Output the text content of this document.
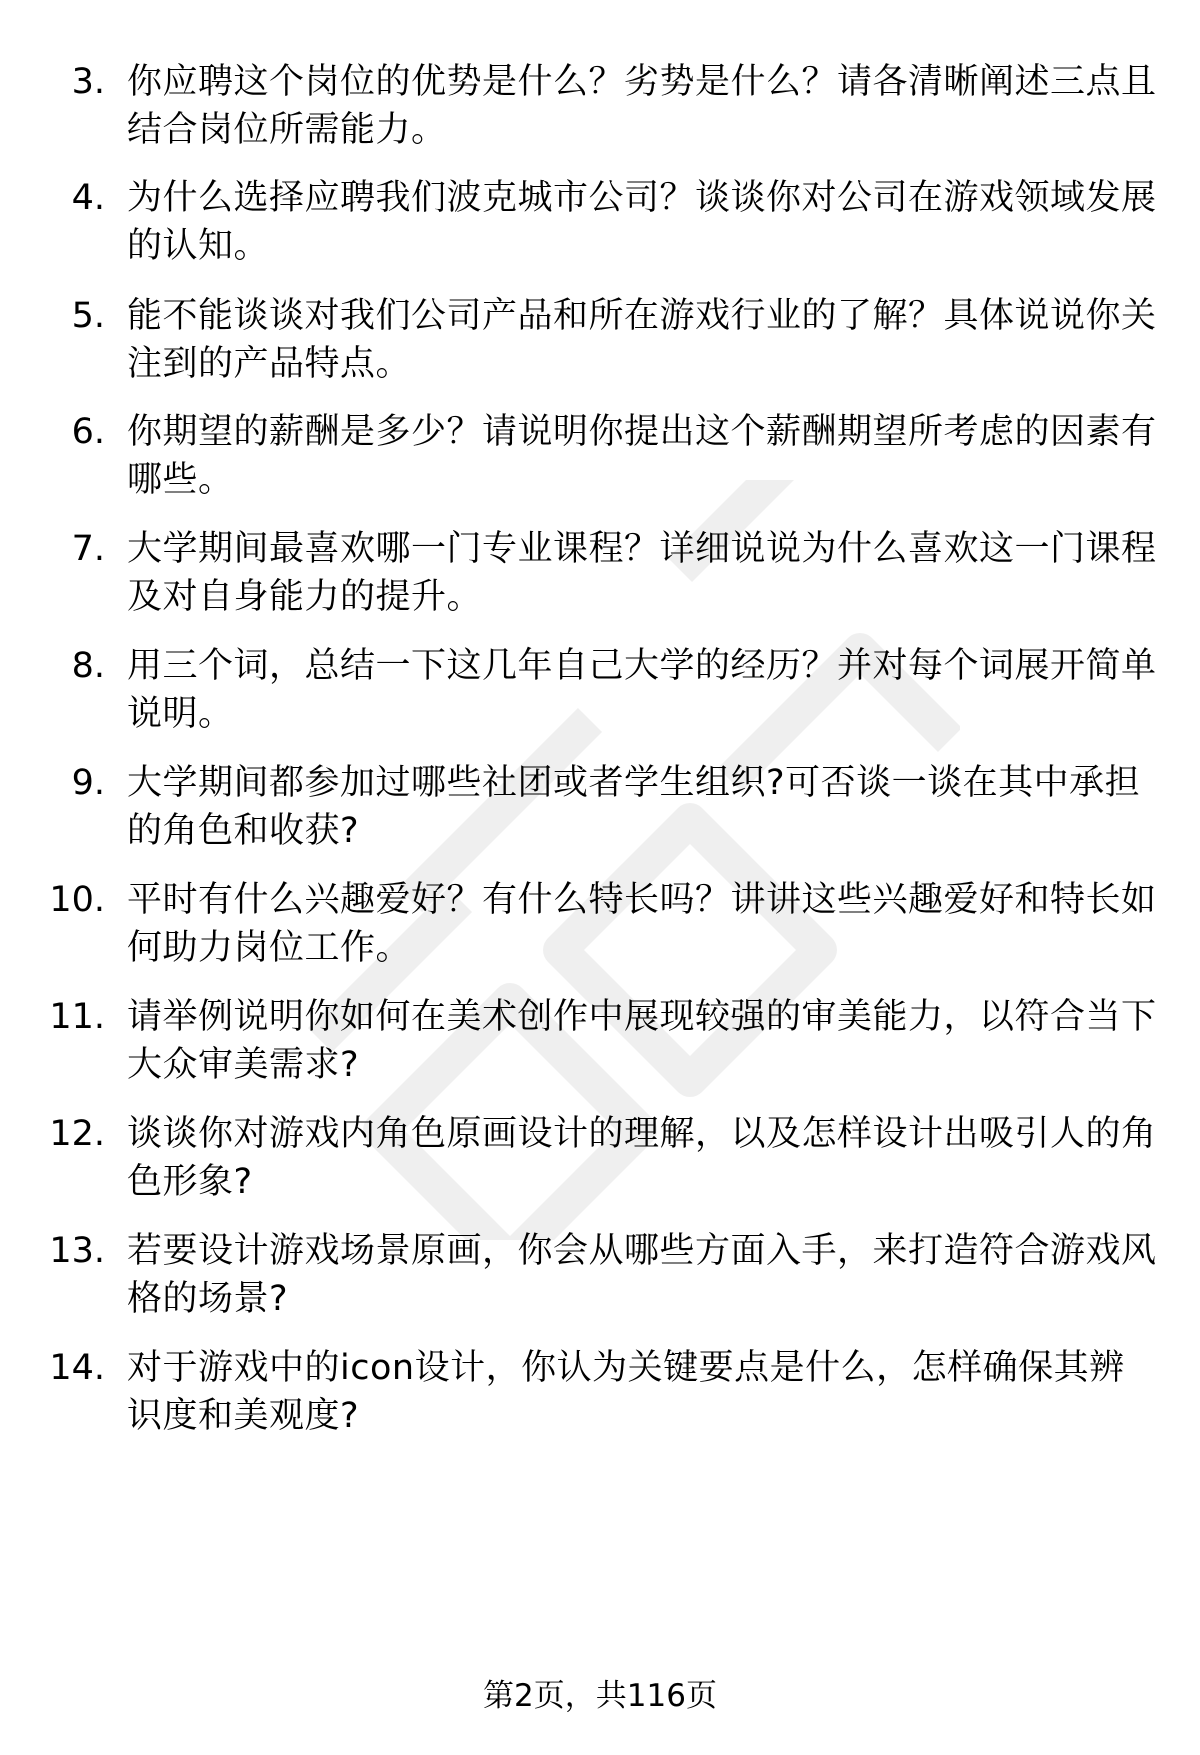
3. 你应聘这个岗位的优势是什么？劣势是什么？请各清晰阐述三点且结合岗位所需能力。
4. 为什么选择应聘我们波克城市公司？谈谈你对公司在游戏领域发展的认知。
5. 能不能谈谈对我们公司产品和所在游戏行业的了解？具体说说你关注到的产品特点。
6. 你期望的薪酬是多少？请说明你提出这个薪酬期望所考虑的因素有哪些。
7. 大学期间最喜欢哪一门专业课程？详细说说为什么喜欢这一门课程及对自身能力的提升。
8. 用三个词，总结一下这几年自己大学的经历？并对每个词展开简单说明。
9. 大学期间都参加过哪些社团或者学生组织?可否谈一谈在其中承担的角色和收获?
10. 平时有什么兴趣爱好？有什么特长吗？讲讲这些兴趣爱好和特长如何助力岗位工作。
11. 请举例说明你如何在美术创作中展现较强的审美能力，以符合当下大众审美需求?
12. 谈谈你对游戏内角色原画设计的理解，以及怎样设计出吸引人的角色形象?
13. 若要设计游戏场景原画，你会从哪些方面入手，来打造符合游戏风格的场景?
14. 对于游戏中的icon设计，你认为关键要点是什么，怎样确保其辨识度和美观度?
第2页，共116页
